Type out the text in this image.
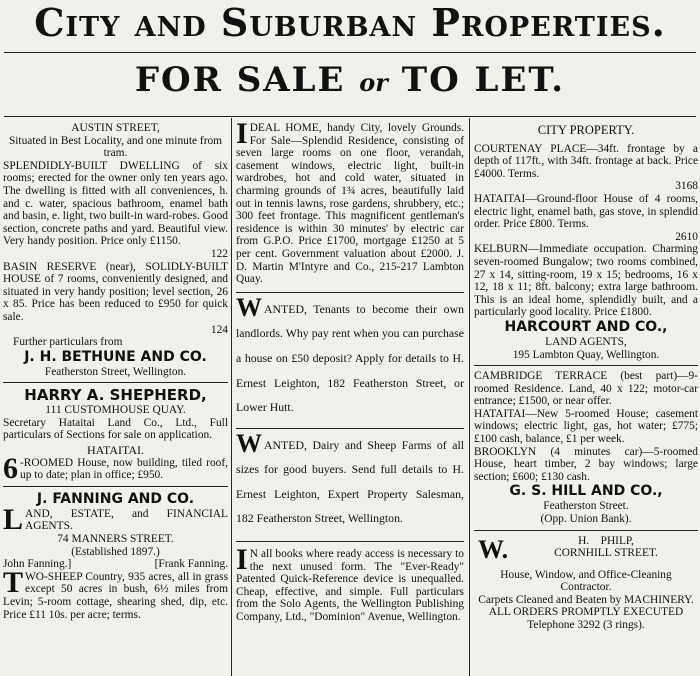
City and Suburban Properties.
FOR SALE or TO LET.

AUSTIN STREET,

Situated in Best Locality, and one minute from tram.

SPLENDIDLY-BUILT DWELLING of six rooms; erected for the owner only ten years ago. The dwelling is fitted with all conveniences, h. and c. water, spacious bathroom, enamel bath and basin, e. light, two built-in ward-robes. Good section, concrete paths and yard. Beautiful view. Very handy position. Price only £1150.

122

BASIN RESERVE (near), SOLIDLY-BUILT HOUSE of 7 rooms, conveniently designed, and situated in very handy position; level section, 26 x 85. Price has been reduced to £950 for quick sale.

124

Further particulars from

J. H. BETHUNE AND CO.

Featherston Street, Wellington.

HARRY A. SHEPHERD,

111 CUSTOMHOUSE QUAY.

Secretary Hataitai Land Co., Ltd., Full particulars of Sections for sale on application.

HATAITAI.

6 -ROOMED House, now building, tiled roof, up to date; plan in office; £950.

J. FANNING AND CO.

LAND, ESTATE, and FINANCIAL AGENTS.

74 MANNERS STREET.

(Established 1897.)

John Fanning.]	[Frank Fanning.

TWO-SHEEP Country, 935 acres, all in grass except 50 acres in bush, 6½ miles from Levin; 5-room cottage, shearing shed, dip, etc. Price £11 10s. per acre; terms.

IDEAL HOME, handy City, lovely Grounds. For Sale—Splendid Residence, consisting of seven large rooms on one floor, verandah, casement windows, electric light, built-in wardrobes, hot and cold water, situated in charming grounds of 1¾ acres, beautifully laid out in tennis lawns, rose gardens, shrubbery, etc.; 300 feet frontage. This magnificent gentleman's residence is within 30 minutes' by electric car from G.P.O. Price £1700, mortgage £1250 at 5 per cent. Government valuation about £2000. J. D. Martin M'Intyre and Co., 215-217 Lambton Quay.

WANTED, Tenants to become their own landlords. Why pay rent when you can purchase a house on £50 deposit? Apply for details to H. Ernest Leighton, 182 Featherston Street, or Lower Hutt.

WANTED, Dairy and Sheep Farms of all sizes for good buyers. Send full details to H. Ernest Leighton, Expert Property Salesman, 182 Featherston Street, Wellington.

I N all books where ready access is necessary to the next unused form. The "Ever-Ready" Patented Quick-Reference device is unequalled. Cheap, effective, and simple. Full particulars from the Solo Agents, the Wellington Publishing Company, Ltd., "Dominion" Avenue, Wellington.

CITY PROPERTY.

COURTENAY PLACE—34ft. frontage by a depth of 117ft., with 34ft. frontage at back. Price £4000. Terms.

3168

HATAITAI—Ground-floor House of 4 rooms, electric light, enamel bath, gas stove, in splendid order. Price £800. Terms.

2610

KELBURN—Immediate occupation. Charming seven-roomed Bungalow; two rooms combined, 27 x 14, sitting-room, 19 x 15; bedrooms, 16 x 12, 18 x 11; 8ft. balcony; extra large bathroom. This is an ideal home, splendidly built, and a particularly good locality. Price £1800.

HARCOURT AND CO.,

LAND AGENTS,

195 Lambton Quay, Wellington.

CAMBRIDGE TERRACE (best part)—9-roomed Residence. Land, 40 x 122; motor-car entrance; £1500, or near offer.

HATAITAI—New 5-roomed House; casement windows; electric light, gas, hot water; £775; £100 cash, balance, £1 per week.

BROOKLYN (4 minutes car)—5-roomed House, heart timber, 2 bay windows; large section; £600; £130 cash.

G. S. HILL AND CO.,

Featherston Street.

(Opp. Union Bank).

W.	H. PHILP,

CORNHILL STREET.

House, Window, and Office-Cleaning Contractor.

Carpets Cleaned and Beaten by MACHINERY.

ALL ORDERS PROMPTLY EXECUTED

Telephone 3292 (3 rings).
